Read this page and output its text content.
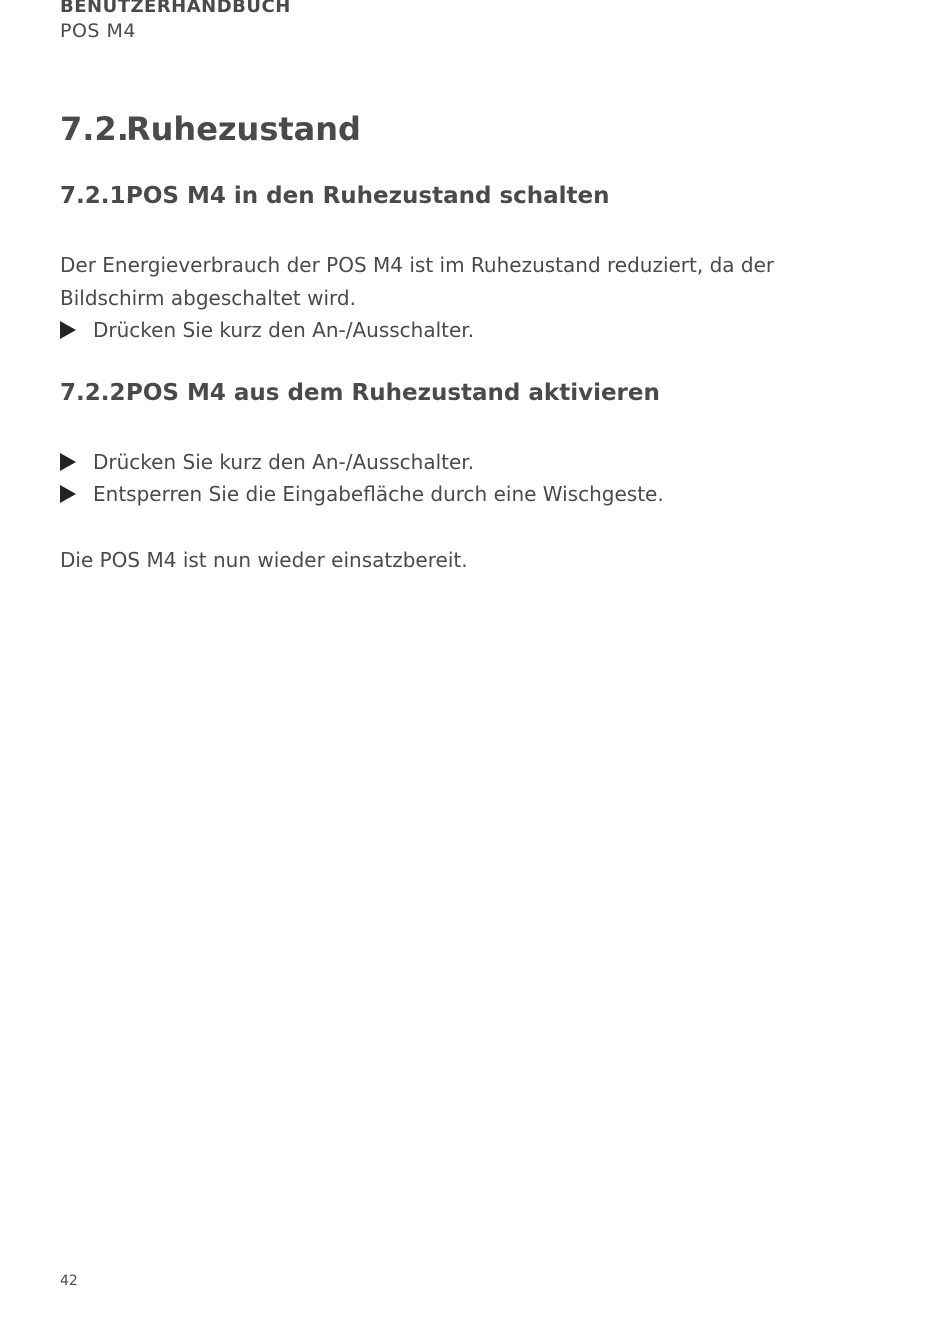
BENUTZERHANDBUCH
POS M4
7.2.Ruhezustand
7.2.1.POS M4 in den Ruhezustand schalten
Der Energieverbrauch der POS M4 ist im Ruhezustand reduziert, da der Bildschirm abgeschaltet wird.
Drücken Sie kurz den An-/Ausschalter.
7.2.2.POS M4 aus dem Ruhezustand aktivieren
Drücken Sie kurz den An-/Ausschalter.
Entsperren Sie die Eingabefläche durch eine Wischgeste.
Die POS M4 ist nun wieder einsatzbereit.
42
